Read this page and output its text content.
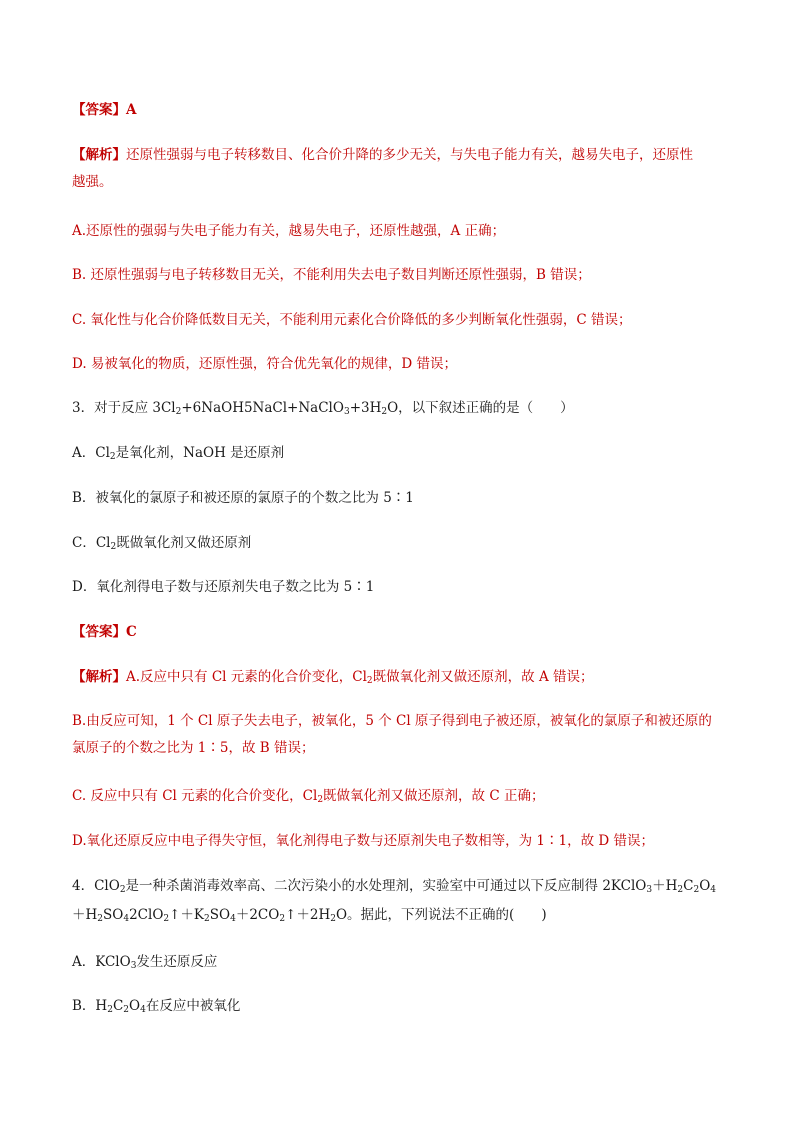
【答案】A
【解析】还原性强弱与电子转移数目、化合价升降的多少无关，与失电子能力有关，越易失电子，还原性
越强。
A.还原性的强弱与失电子能力有关，越易失电子，还原性越强，A 正确；
B. 还原性强弱与电子转移数目无关，不能利用失去电子数目判断还原性强弱，B 错误；
C. 氧化性与化合价降低数目无关，不能利用元素化合价降低的多少判断氧化性强弱，C 错误；
D. 易被氧化的物质，还原性强，符合优先氧化的规律，D 错误；
3．对于反应 $3Cl_2+6NaOH5NaCl+NaClO_3+3H_2O$，以下叙述正确的是（　　）
A．$Cl_2$是氧化剂，NaOH 是还原剂
B．被氧化的氯原子和被还原的氯原子的个数之比为 5∶1
C．$Cl_2$既做氧化剂又做还原剂
D．氧化剂得电子数与还原剂失电子数之比为 5∶1
【答案】C
【解析】A.反应中只有 Cl 元素的化合价变化，$Cl_2$既做氧化剂又做还原剂，故 A 错误；
B.由反应可知，1 个 Cl 原子失去电子，被氧化，5 个 Cl 原子得到电子被还原，被氧化的氯原子和被还原的
氯原子的个数之比为 1∶5，故 B 错误；
C. 反应中只有 Cl 元素的化合价变化，$Cl_2$既做氧化剂又做还原剂，故 C 正确；
D.氧化还原反应中电子得失守恒，氧化剂得电子数与还原剂失电子数相等，为 1∶1，故 D 错误；
4．ClO$_2$是一种杀菌消毒效率高、二次污染小的水处理剂，实验室中可通过以下反应制得 $2KClO_3+H_2C_2O_4$
$+H_2SO_42ClO_2↑+K_2SO_4+2CO_2↑+2H_2O$。据此，下列说法不正确的(　　)
A．KClO$_3$发生还原反应
B．$H_2C_2O_4$在反应中被氧化
